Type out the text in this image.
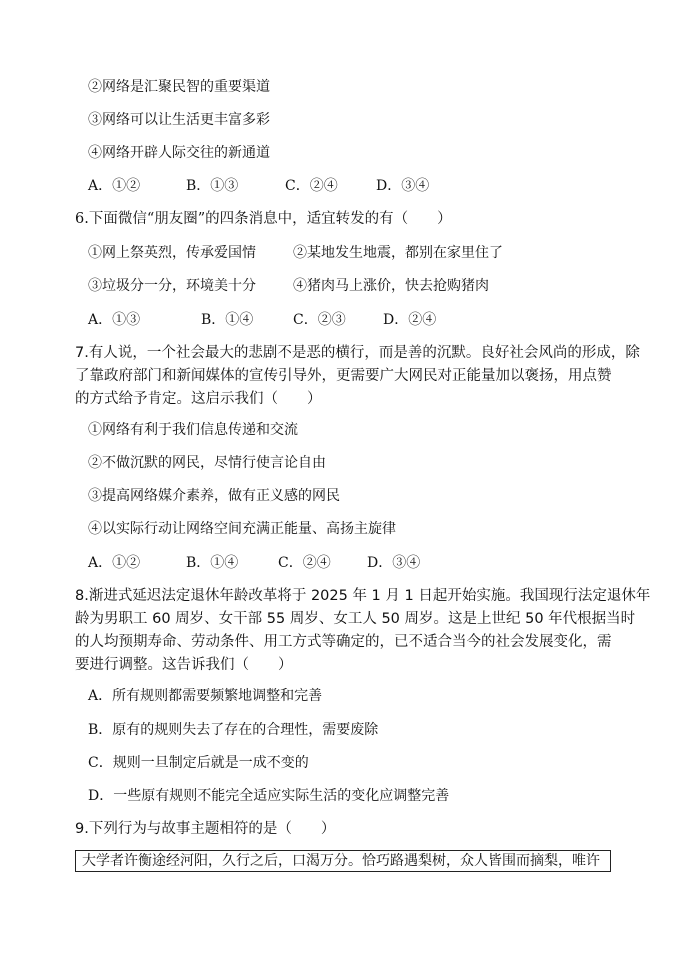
②网络是汇聚民智的重要渠道
③网络可以让生活更丰富多彩
④网络开辟人际交往的新通道
A．①②	B．①③	C．②④	D．③④
6.下面微信“朋友圈”的四条消息中，适宜转发的有（　　）
①网上祭英烈，传承爱国情	②某地发生地震，都别在家里住了
③垃圾分一分，环境美十分	④猪肉马上涨价，快去抢购猪肉
A．①③	B．①④	C．②③	D．②④
7.有人说，一个社会最大的悲剧不是恶的横行，而是善的沉默。良好社会风尚的形成，除
了靠政府部门和新闻媒体的宣传引导外，更需要广大网民对正能量加以褒扬，用点赞
的方式给予肯定。这启示我们（　　）
①网络有利于我们信息传递和交流
②不做沉默的网民，尽情行使言论自由
③提高网络媒介素养，做有正义感的网民
④以实际行动让网络空间充满正能量、高扬主旋律
A．①②	B．①④	C．②④	D．③④
8.渐进式延迟法定退休年龄改革将于 2025 年 1 月 1 日起开始实施。我国现行法定退休年
龄为男职工 60 周岁、女干部 55 周岁、女工人 50 周岁。这是上世纪 50 年代根据当时
的人均预期寿命、劳动条件、用工方式等确定的，已不适合当今的社会发展变化，需
要进行调整。这告诉我们（　　）
A．所有规则都需要频繁地调整和完善
B．原有的规则失去了存在的合理性，需要废除
C．规则一旦制定后就是一成不变的
D．一些原有规则不能完全适应实际生活的变化应调整完善
9.下列行为与故事主题相符的是（　　）
大学者许衡途经河阳，久行之后，口渴万分。恰巧路遇梨树，众人皆围而摘梨，唯许
